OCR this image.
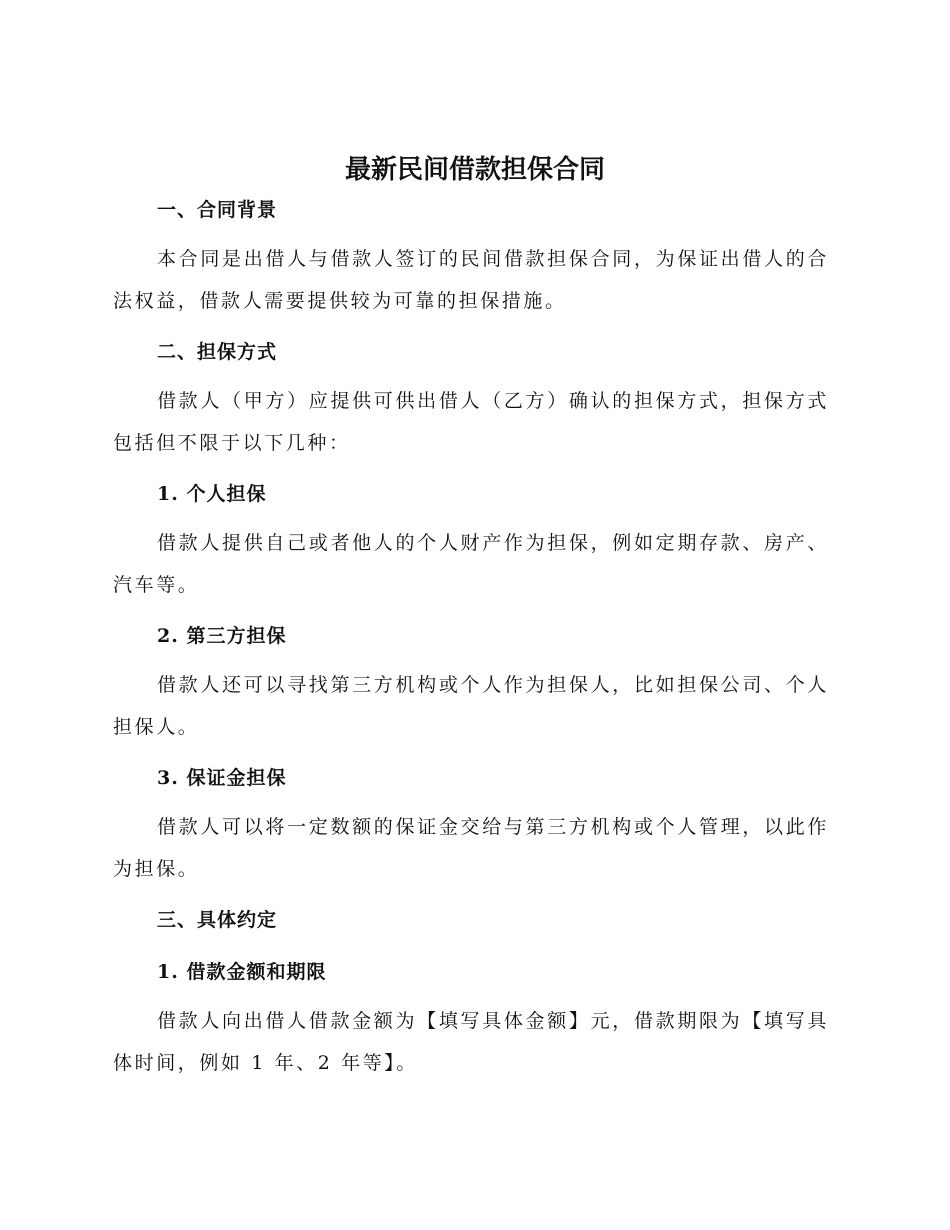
最新民间借款担保合同

一、合同背景

本合同是出借人与借款人签订的民间借款担保合同，为保证出借人的合法权益，借款人需要提供较为可靠的担保措施。

二、担保方式

借款人（甲方）应提供可供出借人（乙方）确认的担保方式，担保方式包括但不限于以下几种：

1. 个人担保

借款人提供自己或者他人的个人财产作为担保，例如定期存款、房产、汽车等。

2. 第三方担保

借款人还可以寻找第三方机构或个人作为担保人，比如担保公司、个人担保人。

3. 保证金担保

借款人可以将一定数额的保证金交给与第三方机构或个人管理，以此作为担保。

三、具体约定

1. 借款金额和期限

借款人向出借人借款金额为【填写具体金额】元，借款期限为【填写具体时间，例如 1 年、2 年等】。
